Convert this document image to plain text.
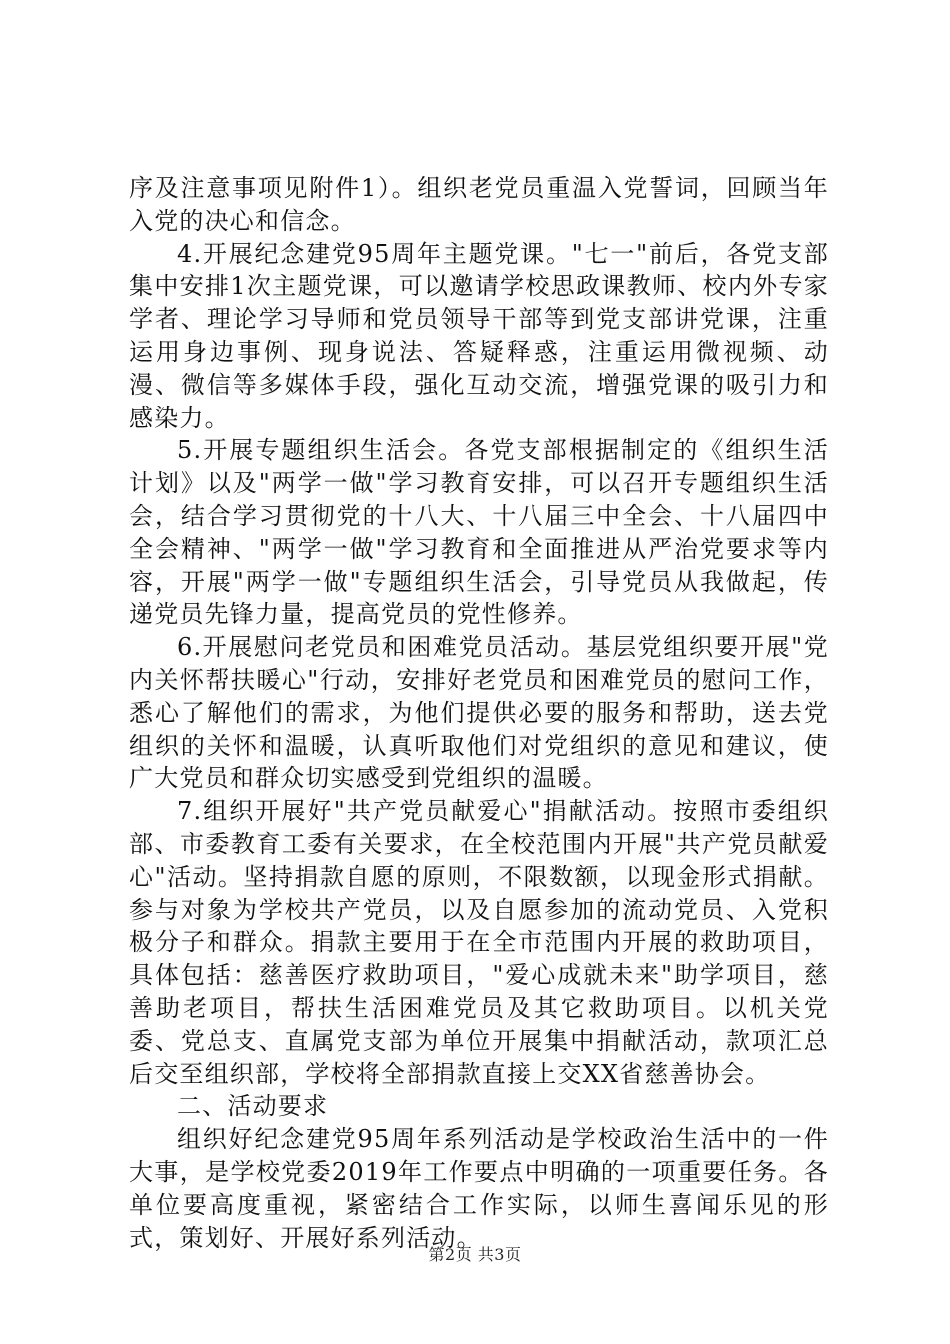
序及注意事项见附件1）。组织老党员重温入党誓词，回顾当年入党的决心和信念。

4.开展纪念建党95周年主题党课。"七一"前后，各党支部集中安排1次主题党课，可以邀请学校思政课教师、校内外专家学者、理论学习导师和党员领导干部等到党支部讲党课，注重运用身边事例、现身说法、答疑释惑，注重运用微视频、动漫、微信等多媒体手段，强化互动交流，增强党课的吸引力和感染力。

5.开展专题组织生活会。各党支部根据制定的《组织生活计划》以及"两学一做"学习教育安排，可以召开专题组织生活会，结合学习贯彻党的十八大、十八届三中全会、十八届四中全会精神、"两学一做"学习教育和全面推进从严治党要求等内容，开展"两学一做"专题组织生活会，引导党员从我做起，传递党员先锋力量，提高党员的党性修养。

6.开展慰问老党员和困难党员活动。基层党组织要开展"党内关怀帮扶暖心"行动，安排好老党员和困难党员的慰问工作，悉心了解他们的需求，为他们提供必要的服务和帮助，送去党组织的关怀和温暖，认真听取他们对党组织的意见和建议，使广大党员和群众切实感受到党组织的温暖。

7.组织开展好"共产党员献爱心"捐献活动。按照市委组织部、市委教育工委有关要求，在全校范围内开展"共产党员献爱心"活动。坚持捐款自愿的原则，不限数额，以现金形式捐献。参与对象为学校共产党员，以及自愿参加的流动党员、入党积极分子和群众。捐款主要用于在全市范围内开展的救助项目，具体包括：慈善医疗救助项目，"爱心成就未来"助学项目，慈善助老项目，帮扶生活困难党员及其它救助项目。以机关党委、党总支、直属党支部为单位开展集中捐献活动，款项汇总后交至组织部，学校将全部捐款直接上交XX省慈善协会。

二、活动要求

组织好纪念建党95周年系列活动是学校政治生活中的一件大事，是学校党委2019年工作要点中明确的一项重要任务。各单位要高度重视，紧密结合工作实际，以师生喜闻乐见的形式，策划好、开展好系列活动。

第2页 共3页
